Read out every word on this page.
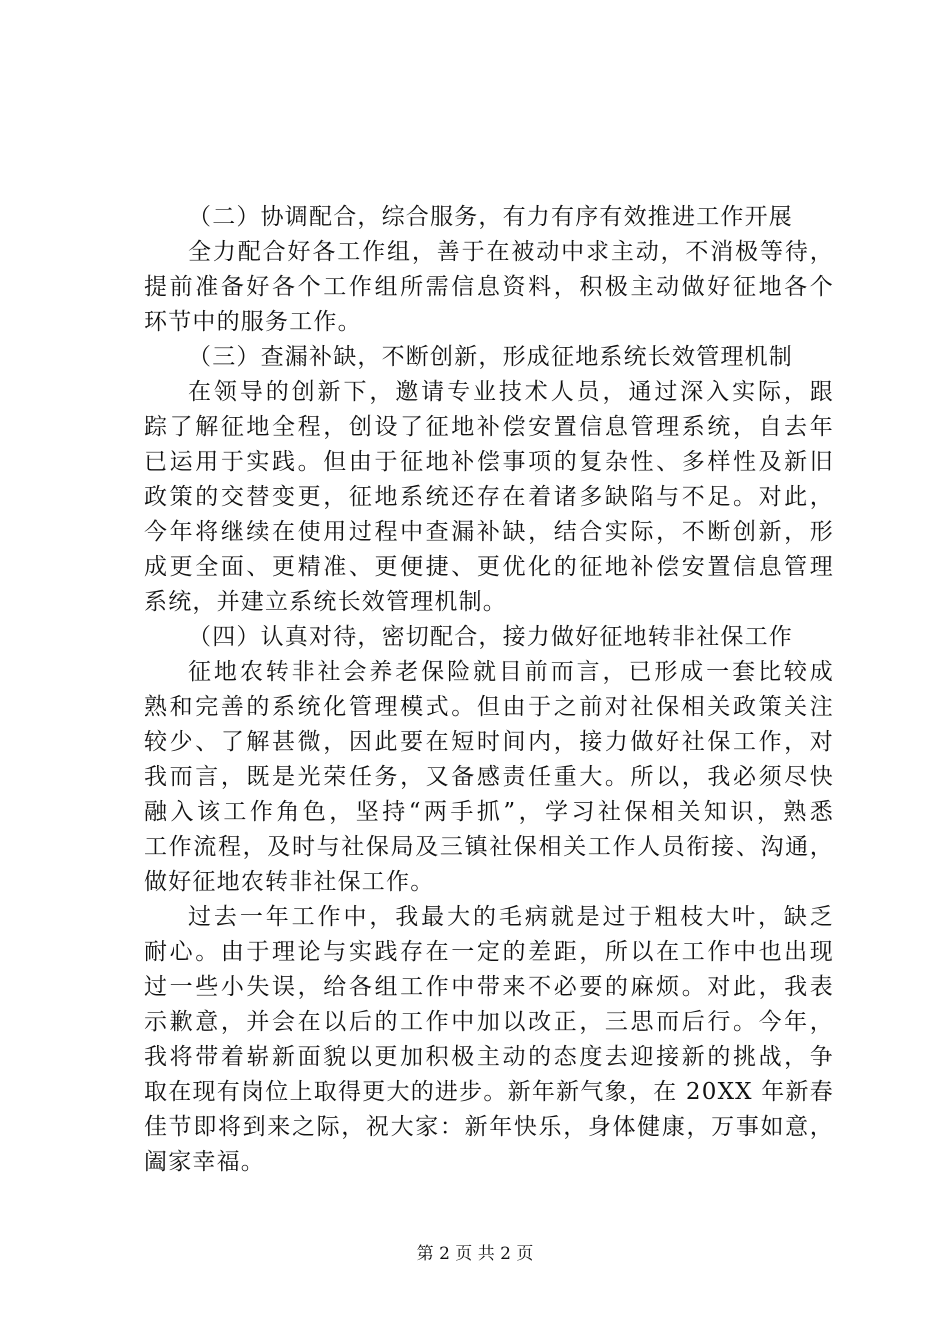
（二）协调配合，综合服务，有力有序有效推进工作开展
全力配合好各工作组，善于在被动中求主动，不消极等待，
提前准备好各个工作组所需信息资料，积极主动做好征地各个
环节中的服务工作。
（三）查漏补缺，不断创新，形成征地系统长效管理机制
在领导的创新下，邀请专业技术人员，通过深入实际，跟
踪了解征地全程，创设了征地补偿安置信息管理系统，自去年
已运用于实践。但由于征地补偿事项的复杂性、多样性及新旧
政策的交替变更，征地系统还存在着诸多缺陷与不足。对此，
今年将继续在使用过程中查漏补缺，结合实际，不断创新，形
成更全面、更精准、更便捷、更优化的征地补偿安置信息管理
系统，并建立系统长效管理机制。
（四）认真对待，密切配合，接力做好征地转非社保工作
征地农转非社会养老保险就目前而言，已形成一套比较成
熟和完善的系统化管理模式。但由于之前对社保相关政策关注
较少、了解甚微，因此要在短时间内，接力做好社保工作，对
我而言，既是光荣任务，又备感责任重大。所以，我必须尽快
融入该工作角色，坚持“两手抓”，学习社保相关知识，熟悉
工作流程，及时与社保局及三镇社保相关工作人员衔接、沟通，
做好征地农转非社保工作。
过去一年工作中，我最大的毛病就是过于粗枝大叶，缺乏
耐心。由于理论与实践存在一定的差距，所以在工作中也出现
过一些小失误，给各组工作中带来不必要的麻烦。对此，我表
示歉意，并会在以后的工作中加以改正，三思而后行。今年，
我将带着崭新面貌以更加积极主动的态度去迎接新的挑战，争
取在现有岗位上取得更大的进步。新年新气象，在 20XX 年新春
佳节即将到来之际，祝大家：新年快乐，身体健康，万事如意，
阖家幸福。
第 2 页 共 2 页
